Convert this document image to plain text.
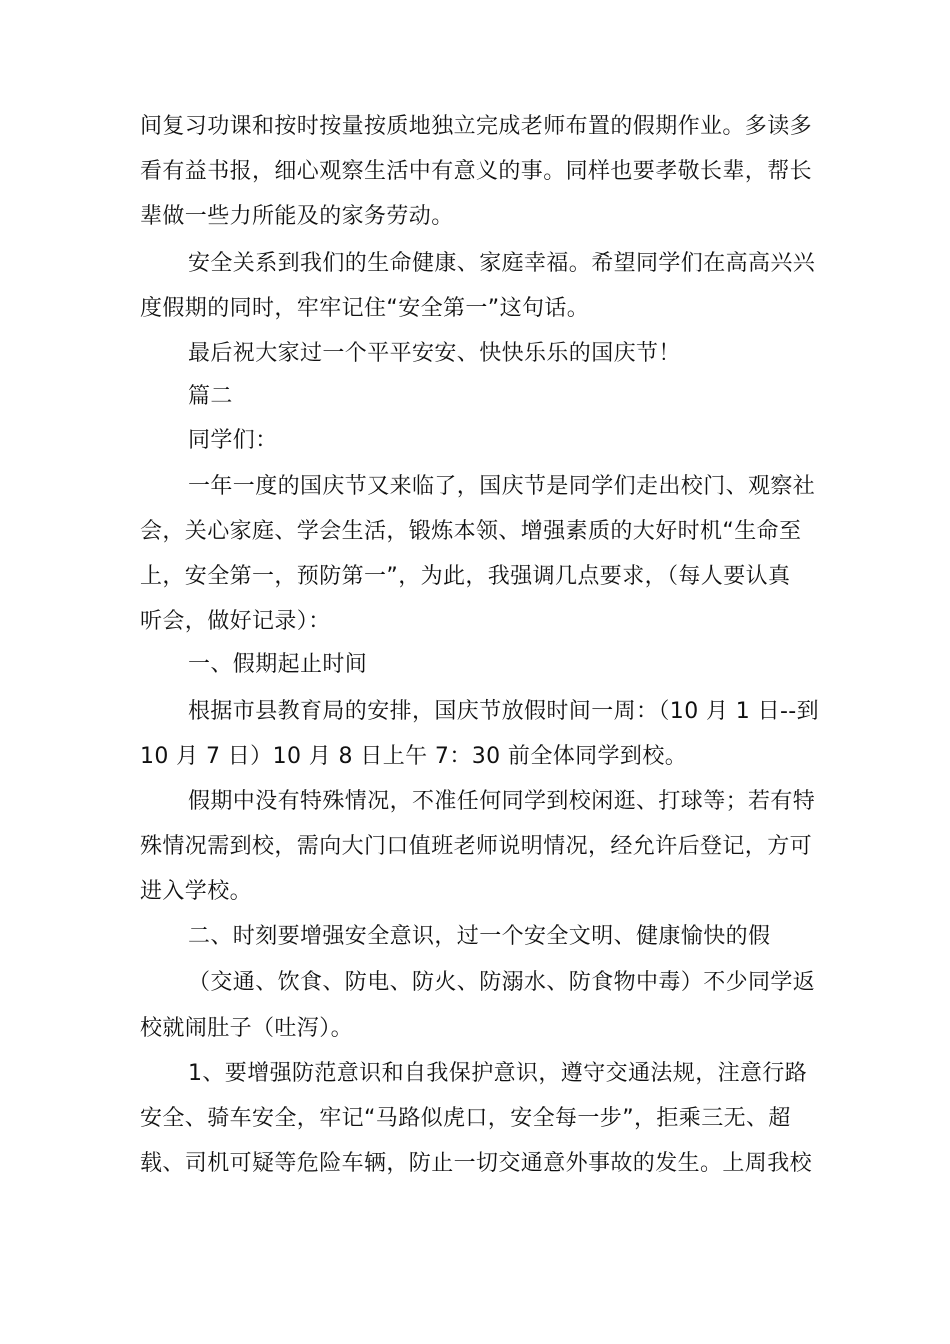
间复习功课和按时按量按质地独立完成老师布置的假期作业。多读多
看有益书报，细心观察生活中有意义的事。同样也要孝敬长辈，帮长
辈做一些力所能及的家务劳动。
安全关系到我们的生命健康、家庭幸福。希望同学们在高高兴兴
度假期的同时，牢牢记住“安全第一”这句话。
最后祝大家过一个平平安安、快快乐乐的国庆节！
篇二
同学们：
一年一度的国庆节又来临了，国庆节是同学们走出校门、观察社
会，关心家庭、学会生活，锻炼本领、增强素质的大好时机“生命至
上，安全第一，预防第一”，为此，我强调几点要求，（每人要认真
听会，做好记录）：
一、假期起止时间
根据市县教育局的安排，国庆节放假时间一周：（10 月 1 日--到
10 月 7 日）10 月 8 日上午 7：30 前全体同学到校。
假期中没有特殊情况，不准任何同学到校闲逛、打球等；若有特
殊情况需到校，需向大门口值班老师说明情况，经允许后登记，方可
进入学校。
二、时刻要增强安全意识，过一个安全文明、健康愉快的假
（交通、饮食、防电、防火、防溺水、防食物中毒）不少同学返
校就闹肚子（吐泻）。
1、要增强防范意识和自我保护意识，遵守交通法规，注意行路
安全、骑车安全，牢记“马路似虎口，安全每一步”，拒乘三无、超
载、司机可疑等危险车辆，防止一切交通意外事故的发生。上周我校
